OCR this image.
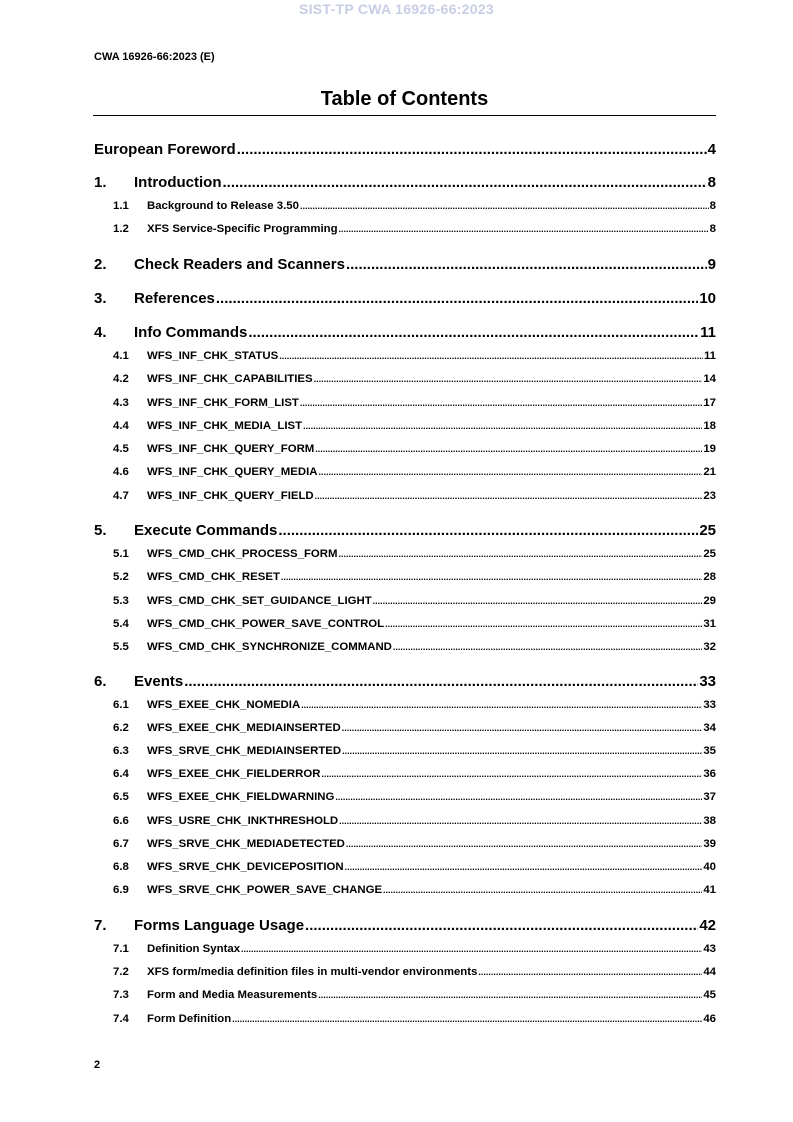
SIST-TP CWA 16926-66:2023
CWA 16926-66:2023 (E)
Table of Contents
European Foreword .....	4
1.	Introduction .....	8
1.1	Background to Release 3.50 .....	8
1.2	XFS Service-Specific Programming .....	8
2.	Check Readers and Scanners .....	9
3.	References .....	10
4.	Info Commands .....	11
4.1	WFS_INF_CHK_STATUS .....	11
4.2	WFS_INF_CHK_CAPABILITIES .....	14
4.3	WFS_INF_CHK_FORM_LIST .....	17
4.4	WFS_INF_CHK_MEDIA_LIST .....	18
4.5	WFS_INF_CHK_QUERY_FORM .....	19
4.6	WFS_INF_CHK_QUERY_MEDIA .....	21
4.7	WFS_INF_CHK_QUERY_FIELD .....	23
5.	Execute Commands .....	25
5.1	WFS_CMD_CHK_PROCESS_FORM .....	25
5.2	WFS_CMD_CHK_RESET .....	28
5.3	WFS_CMD_CHK_SET_GUIDANCE_LIGHT .....	29
5.4	WFS_CMD_CHK_POWER_SAVE_CONTROL .....	31
5.5	WFS_CMD_CHK_SYNCHRONIZE_COMMAND .....	32
6.	Events .....	33
6.1	WFS_EXEE_CHK_NOMEDIA .....	33
6.2	WFS_EXEE_CHK_MEDIAINSERTED .....	34
6.3	WFS_SRVE_CHK_MEDIAINSERTED .....	35
6.4	WFS_EXEE_CHK_FIELDERROR .....	36
6.5	WFS_EXEE_CHK_FIELDWARNING .....	37
6.6	WFS_USRE_CHK_INKTHRESHOLD .....	38
6.7	WFS_SRVE_CHK_MEDIADETECTED .....	39
6.8	WFS_SRVE_CHK_DEVICEPOSITION .....	40
6.9	WFS_SRVE_CHK_POWER_SAVE_CHANGE .....	41
7.	Forms Language Usage .....	42
7.1	Definition Syntax .....	43
7.2	XFS form/media definition files in multi-vendor environments .....	44
7.3	Form and Media Measurements .....	45
7.4	Form Definition .....	46
2
